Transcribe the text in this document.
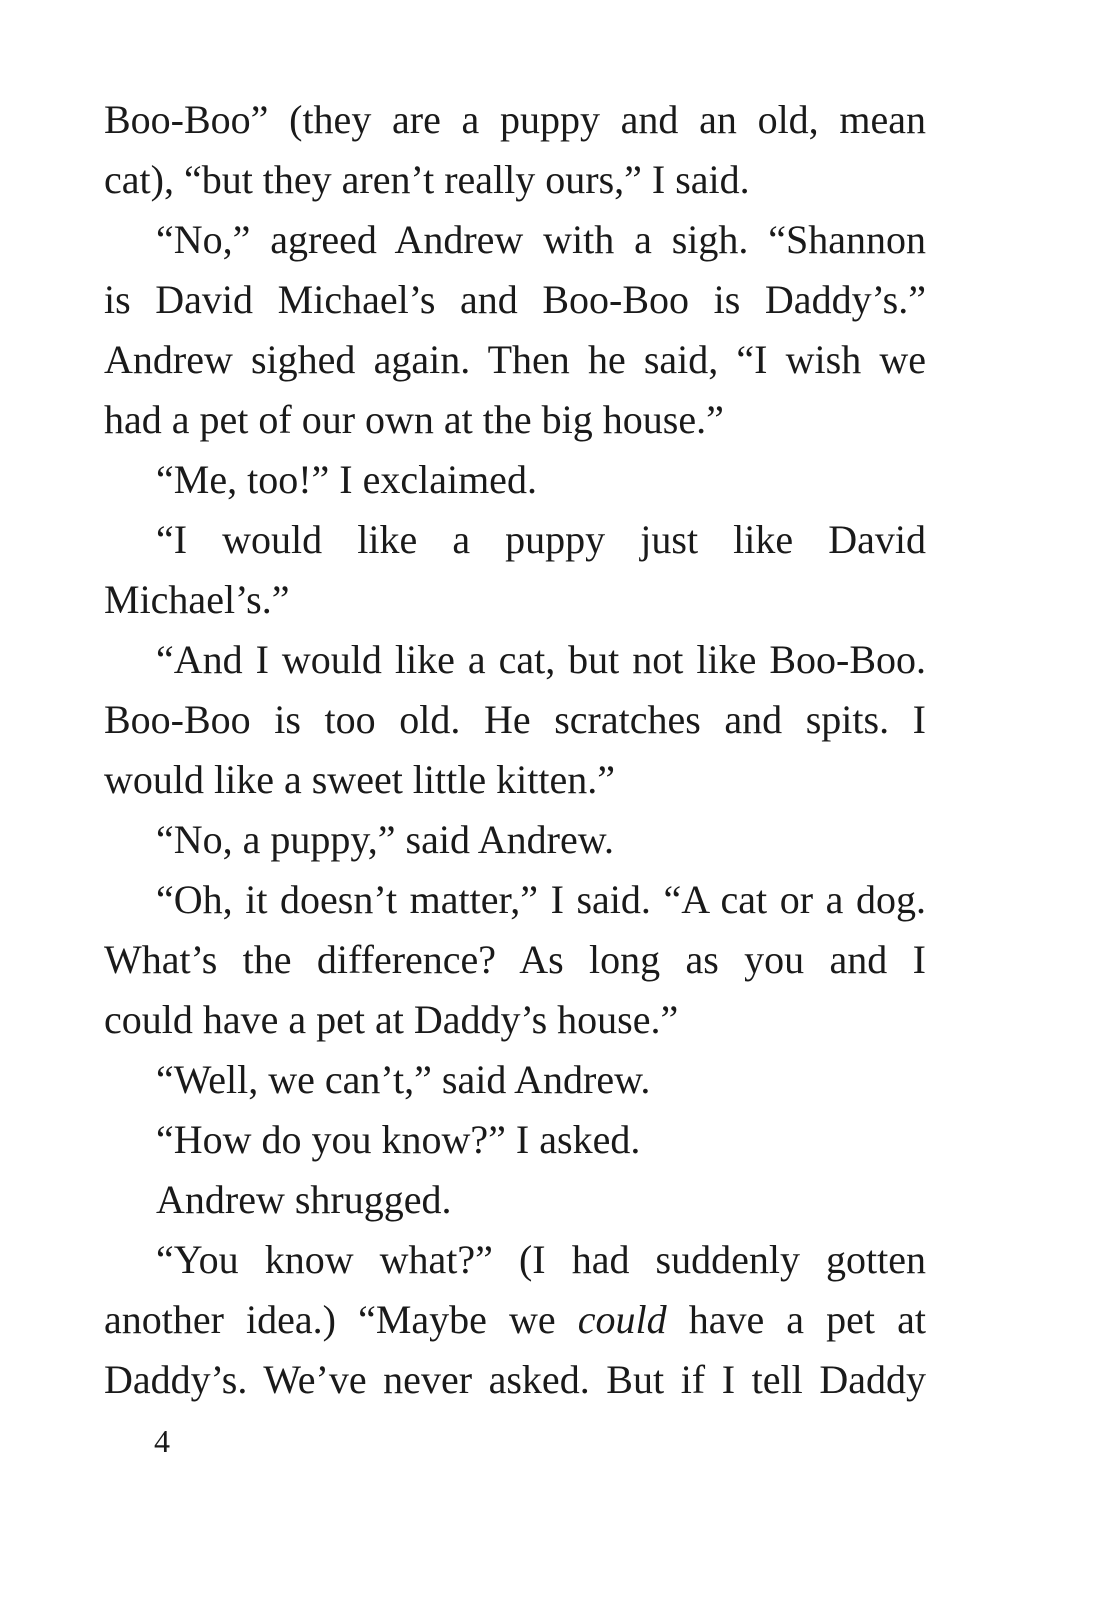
Boo-Boo” (they are a puppy and an old, mean
cat), “but they aren’t really ours,” I said.
“No,” agreed Andrew with a sigh. “Shannon
is David Michael’s and Boo-Boo is Daddy’s.”
Andrew sighed again. Then he said, “I wish we
had a pet of our own at the big house.”
“Me, too!” I exclaimed.
“I would like a puppy just like David
Michael’s.”
“And I would like a cat, but not like Boo-Boo.
Boo-Boo is too old. He scratches and spits. I
would like a sweet little kitten.”
“No, a puppy,” said Andrew.
“Oh, it doesn’t matter,” I said. “A cat or a dog.
What’s the difference? As long as you and I
could have a pet at Daddy’s house.”
“Well, we can’t,” said Andrew.
“How do you know?” I asked.
Andrew shrugged.
“You know what?” (I had suddenly gotten
another idea.) “Maybe we could have a pet at
Daddy’s. We’ve never asked. But if I tell Daddy
4
